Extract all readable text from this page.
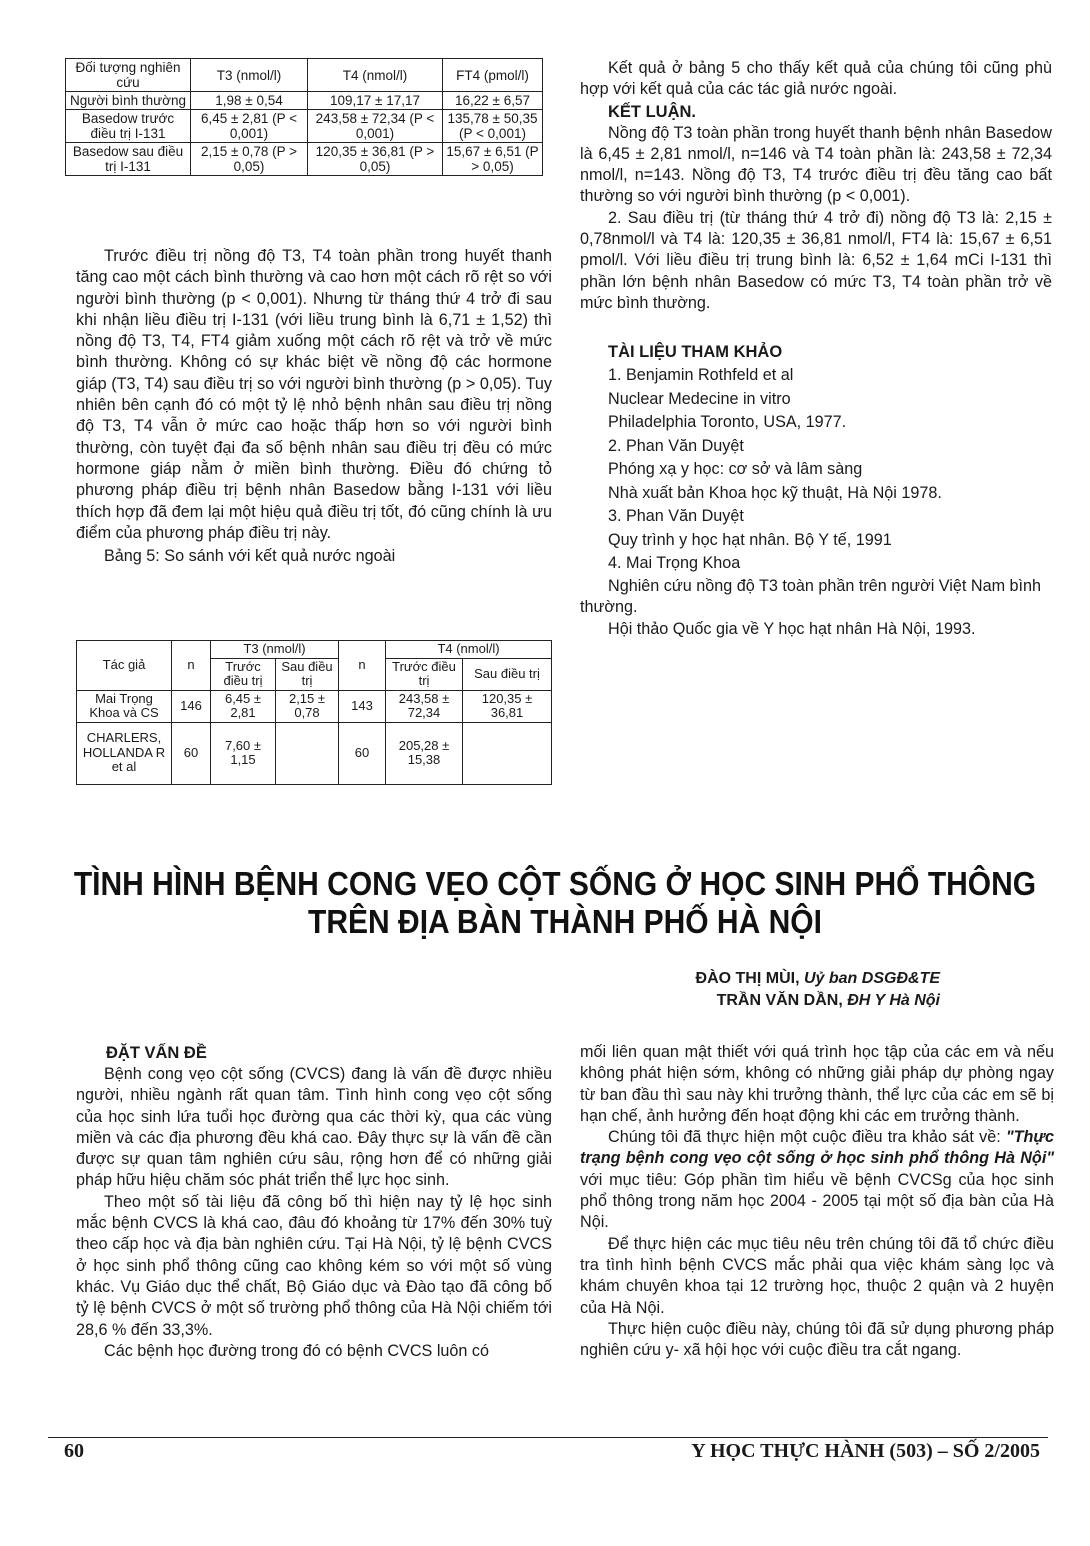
Đối tượng nghiên cứu	T3 (nmol/l)	T4 (nmol/l)	FT4 (pmol/l)
Người bình thường	1,98 ± 0,54	109,17 ± 17,17	16,22 ± 6,57
Basedow trước điều trị I-131	6,45 ± 2,81 (P < 0,001)	243,58 ± 72,34 (P < 0,001)	135,78 ± 50,35 (P < 0,001)
Basedow sau điều trị I-131	2,15 ± 0,78 (P > 0,05)	120,35 ± 36,81 (P > 0,05)	15,67 ± 6,51 (P > 0,05)

Trước điều trị nồng độ T3, T4 toàn phần trong huyết thanh tăng cao một cách bình thường và cao hơn một cách rõ rệt so với người bình thường (p < 0,001). Nhưng từ tháng thứ 4 trở đi sau khi nhận liều điều trị I-131 (với liều trung bình là 6,71 ± 1,52) thì nồng độ T3, T4, FT4 giảm xuống một cách rõ rệt và trở về mức bình thường. Không có sự khác biệt về nồng độ các hormone giáp (T3, T4) sau điều trị so với người bình thường (p > 0,05). Tuy nhiên bên cạnh đó có một tỷ lệ nhỏ bệnh nhân sau điều trị nồng độ T3, T4 vẫn ở mức cao hoặc thấp hơn so với người bình thường, còn tuyệt đại đa số bệnh nhân sau điều trị đều có mức hormone giáp nằm ở miền bình thường. Điều đó chứng tỏ phương pháp điều trị bệnh nhân Basedow bằng I-131 với liều thích hợp đã đem lại một hiệu quả điều trị tốt, đó cũng chính là ưu điểm của phương pháp điều trị này.

Bảng 5: So sánh với kết quả nước ngoài

Tác giả	n	T3 (nmol/l)		n	T4 (nmol/l)	
		Trước điều trị	Sau điều trị		Trước điều trị	Sau điều trị
Mai Trọng Khoa và CS	146	6,45 ± 2,81	2,15 ± 0,78	143	243,58 ± 72,34	120,35 ± 36,81
CHARLERS, HOLLANDA R et al	60	7,60 ± 1,15		60	205,28 ± 15,38	

Kết quả ở bảng 5 cho thấy kết quả của chúng tôi cũng phù hợp với kết quả của các tác giả nước ngoài.

KẾT LUẬN.

Nồng độ T3 toàn phần trong huyết thanh bệnh nhân Basedow là 6,45 ± 2,81 nmol/l, n=146 và T4 toàn phần là: 243,58 ± 72,34 nmol/l, n=143. Nồng độ T3, T4 trước điều trị đều tăng cao bất thường so với người bình thường (p < 0,001).

2. Sau điều trị (từ tháng thứ 4 trở đi) nồng độ T3 là: 2,15 ± 0,78nmol/l và T4 là: 120,35 ± 36,81 nmol/l, FT4 là: 15,67 ± 6,51 pmol/l. Với liều điều trị trung bình là: 6,52 ± 1,64 mCi I-131 thì phần lớn bệnh nhân Basedow có mức T3, T4 toàn phần trở về mức bình thường.

TÀI LIỆU THAM KHẢO

1. Benjamin Rothfeld et al

Nuclear Medecine in vitro

Philadelphia Toronto, USA, 1977.

2. Phan Văn Duyệt

Phóng xạ y học: cơ sở và lâm sàng

Nhà xuất bản Khoa học kỹ thuật, Hà Nội 1978.

3. Phan Văn Duyệt

Quy trình y học hạt nhân. Bộ Y tế, 1991

4. Mai Trọng Khoa

Nghiên cứu nồng độ T3 toàn phần trên người Việt Nam bình thường.

Hội thảo Quốc gia về Y học hạt nhân Hà Nội, 1993.

TÌNH HÌNH BỆNH CONG VẸO CỘT SỐNG Ở HỌC SINH PHỔ THÔNG
TRÊN ĐỊA BÀN THÀNH PHỐ HÀ NỘI
ĐÀO THỊ MÙI, Uỷ ban DSGĐ&TE
TRẦN VĂN DẦN, ĐH Y Hà Nội

ĐẶT VẤN ĐỀ

Bệnh cong vẹo cột sống (CVCS) đang là vấn đề được nhiều người, nhiều ngành rất quan tâm. Tình hình cong vẹo cột sống của học sinh lứa tuổi học đường qua các thời kỳ, qua các vùng miền và các địa phương đều khá cao. Đây thực sự là vấn đề cần được sự quan tâm nghiên cứu sâu, rộng hơn để có những giải pháp hữu hiệu chăm sóc phát triển thể lực học sinh.

Theo một số tài liệu đã công bố thì hiện nay tỷ lệ học sinh mắc bệnh CVCS là khá cao, đâu đó khoảng từ 17% đến 30% tuỳ theo cấp học và địa bàn nghiên cứu. Tại Hà Nội, tỷ lệ bệnh CVCS ở học sinh phổ thông cũng cao không kém so với một số vùng khác. Vụ Giáo dục thể chất, Bộ Giáo dục và Đào tạo đã công bố tỷ lệ bệnh CVCS ở một số trường phổ thông của Hà Nội chiếm tới 28,6 % đến 33,3%.

Các bệnh học đường trong đó có bệnh CVCS luôn có

mối liên quan mật thiết với quá trình học tập của các em và nếu không phát hiện sớm, không có những giải pháp dự phòng ngay từ ban đầu thì sau này khi trưởng thành, thể lực của các em sẽ bị hạn chế, ảnh hưởng đến hoạt động khi các em trưởng thành.

Chúng tôi đã thực hiện một cuộc điều tra khảo sát về: "Thực trạng bệnh cong vẹo cột sống ở học sinh phổ thông Hà Nội" với mục tiêu: Góp phần tìm hiểu về bệnh CVCSg của học sinh phổ thông trong năm học 2004 - 2005 tại một số địa bàn của Hà Nội.

Để thực hiện các mục tiêu nêu trên chúng tôi đã tổ chức điều tra tình hình bệnh CVCS mắc phải qua việc khám sàng lọc và khám chuyên khoa tại 12 trường học, thuộc 2 quận và 2 huyện của Hà Nội.

Thực hiện cuộc điều này, chúng tôi đã sử dụng phương pháp nghiên cứu y- xã hội học với cuộc điều tra cắt ngang.

60	Y HỌC THỰC HÀNH (503) – SỐ 2/2005
